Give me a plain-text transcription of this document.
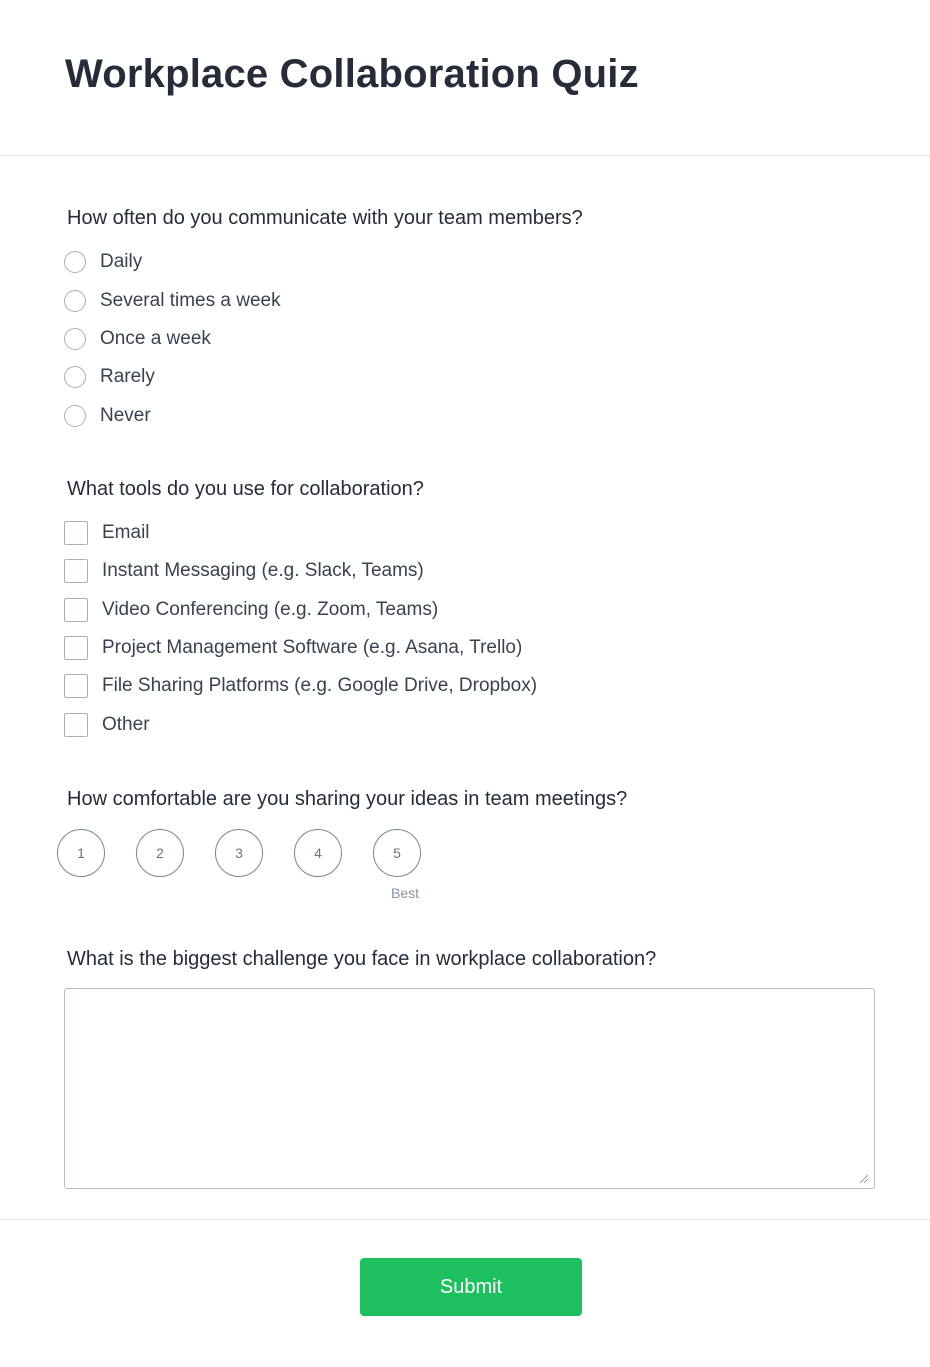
Workplace Collaboration Quiz

How often do you communicate with your team members?

Daily
Several times a week
Once a week
Rarely
Never

What tools do you use for collaboration?

Email
Instant Messaging (e.g. Slack, Teams)
Video Conferencing (e.g. Zoom, Teams)
Project Management Software (e.g. Asana, Trello)
File Sharing Platforms (e.g. Google Drive, Dropbox)
Other

How comfortable are you sharing your ideas in team meetings?

1	2	3	4	5
Best

What is the biggest challenge you face in workplace collaboration?

Submit
